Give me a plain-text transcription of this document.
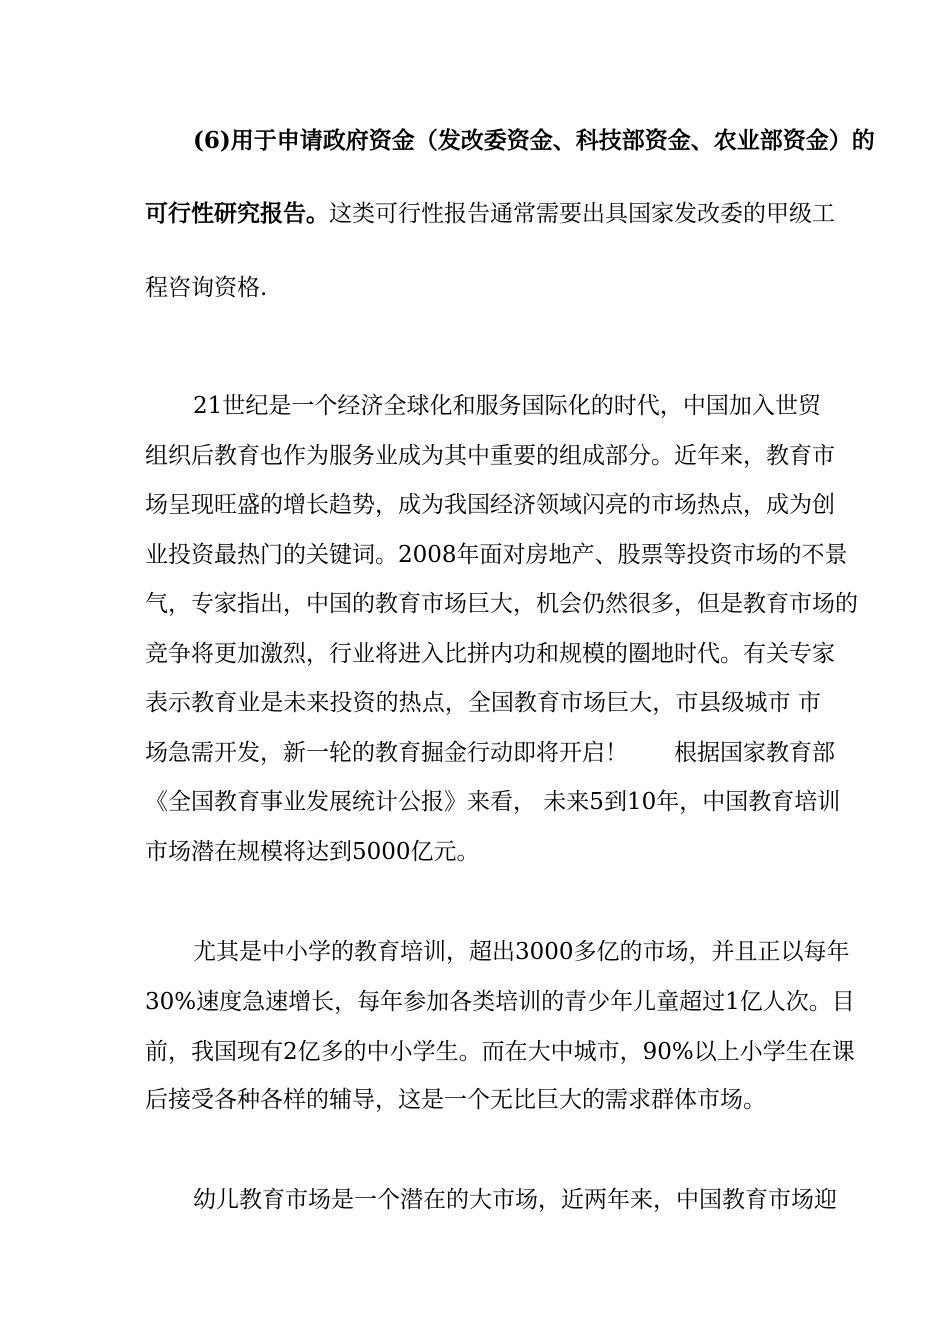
(6)用于申请政府资金（发改委资金、科技部资金、农业部资金）的
可行性研究报告。这类可行性报告通常需要出具国家发改委的甲级工
程咨询资格.
21世纪是一个经济全球化和服务国际化的时代，中国加入世贸
组织后教育也作为服务业成为其中重要的组成部分。近年来，教育市
场呈现旺盛的增长趋势，成为我国经济领域闪亮的市场热点，成为创
业投资最热门的关键词。2008年面对房地产、股票等投资市场的不景
气，专家指出，中国的教育市场巨大，机会仍然很多，但是教育市场的
竞争将更加激烈，行业将进入比拼内功和规模的圈地时代。有关专家
表示教育业是未来投资的热点，全国教育市场巨大，市县级城市 市
场急需开发，新一轮的教育掘金行动即将开启！　　根据国家教育部
《全国教育事业发展统计公报》来看， 未来5到10年，中国教育培训
市场潜在规模将达到5000亿元。
尤其是中小学的教育培训，超出3000多亿的市场，并且正以每年
30%速度急速增长，每年参加各类培训的青少年儿童超过1亿人次。目
前，我国现有2亿多的中小学生。而在大中城市，90%以上小学生在课
后接受各种各样的辅导，这是一个无比巨大的需求群体市场。
幼儿教育市场是一个潜在的大市场，近两年来，中国教育市场迎
